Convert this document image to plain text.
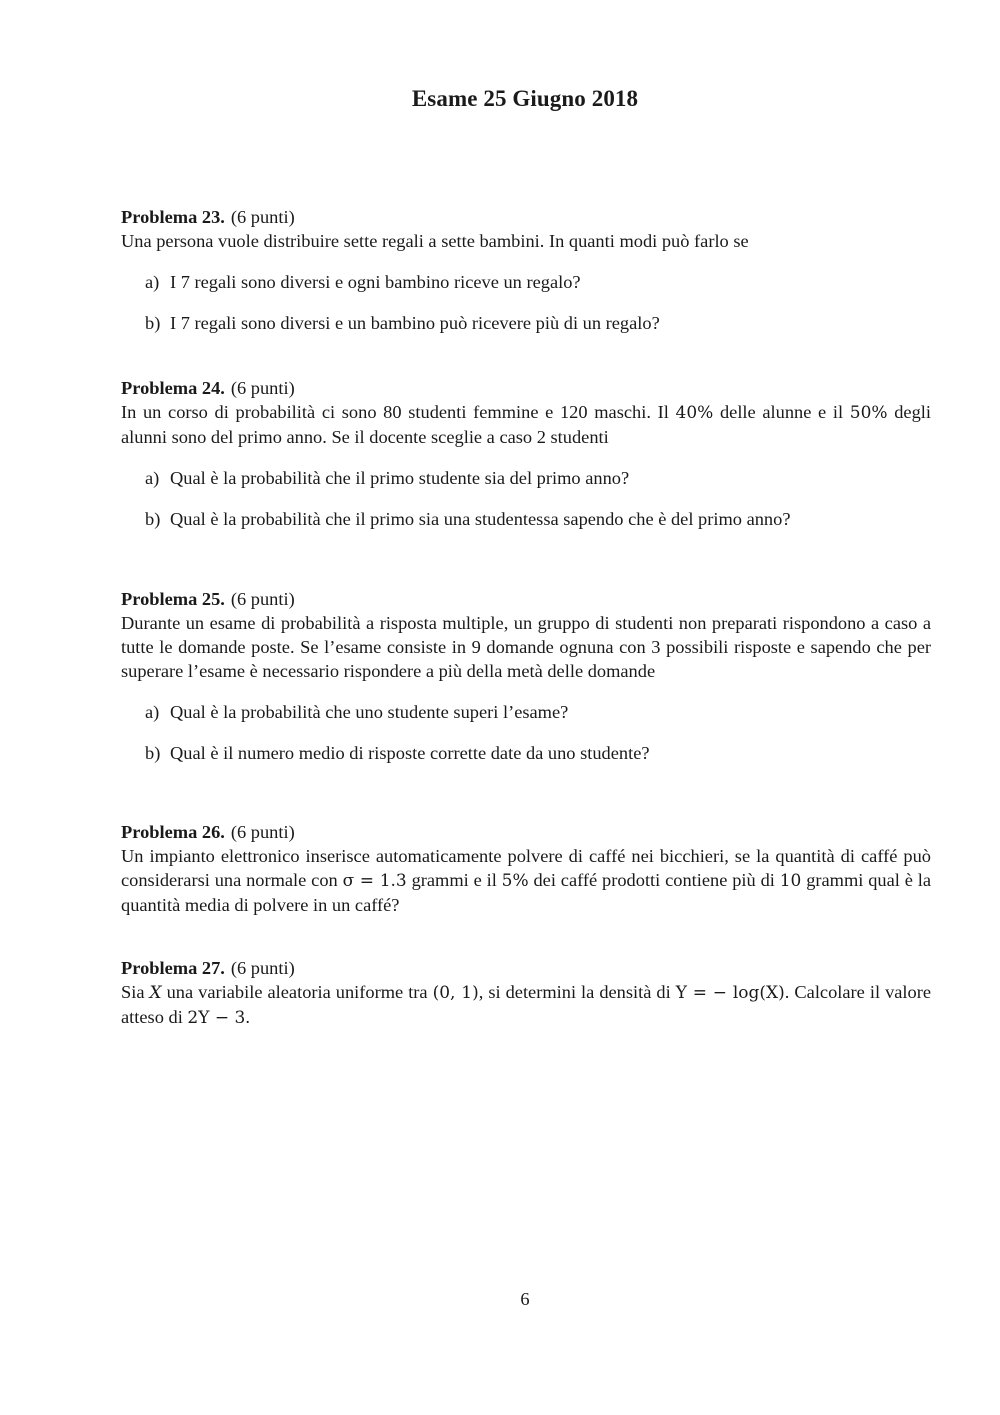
Esame 25 Giugno 2018

Problema 23. (6 punti)

Una persona vuole distribuire sette regali a sette bambini. In quanti modi può farlo se

a) I 7 regali sono diversi e ogni bambino riceve un regalo?
b) I 7 regali sono diversi e un bambino può ricevere più di un regalo?

Problema 24. (6 punti)

In un corso di probabilità ci sono 80 studenti femmine e 120 maschi. Il 40% delle alunne e il 50% degli alunni sono del primo anno. Se il docente sceglie a caso 2 studenti

a) Qual è la probabilità che il primo studente sia del primo anno?
b) Qual è la probabilità che il primo sia una studentessa sapendo che è del primo anno?

Problema 25. (6 punti)

Durante un esame di probabilità a risposta multiple, un gruppo di studenti non preparati rispondono a caso a tutte le domande poste. Se l’esame consiste in 9 domande ognuna con 3 possibili risposte e sapendo che per superare l’esame è necessario rispondere a più della metà delle domande

a) Qual è la probabilità che uno studente superi l’esame?
b) Qual è il numero medio di risposte corrette date da uno studente?

Problema 26. (6 punti)

Un impianto elettronico inserisce automaticamente polvere di caffé nei bicchieri, se la quantità di caffé può considerarsi una normale con σ = 1.3 grammi e il 5% dei caffé prodotti contiene più di 10 grammi qual è la quantità media di polvere in un caffé?

Problema 27. (6 punti)

Sia X una variabile aleatoria uniforme tra (0, 1), si determini la densità di Y = − log(X). Calcolare il valore atteso di 2Y − 3.

6
